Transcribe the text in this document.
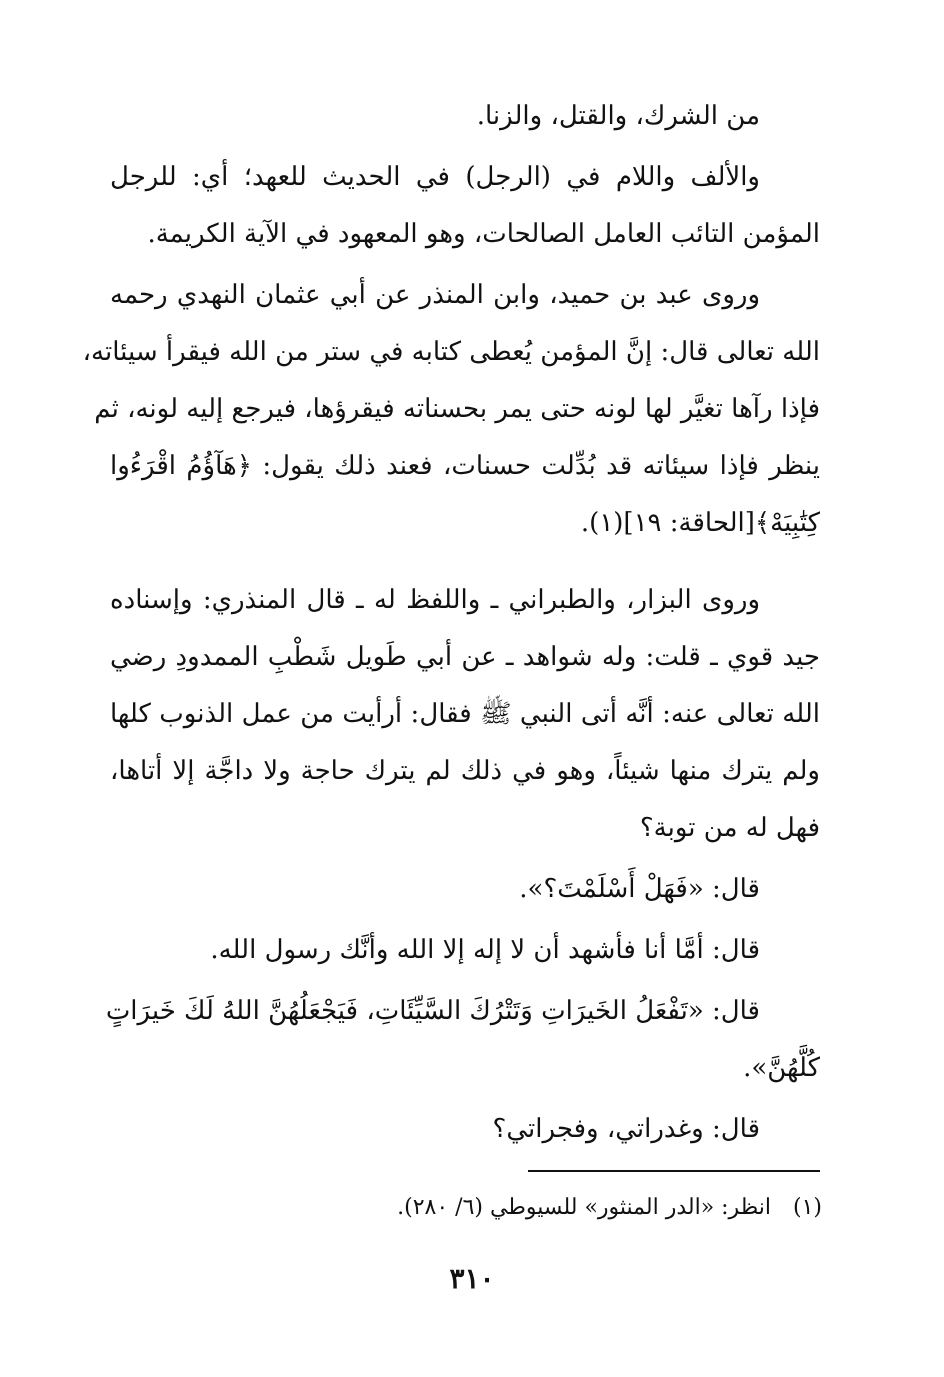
من الشرك، والقتل، والزنا.

والألف واللام في (الرجل) في الحديث للعهد؛ أي: للرجل
المؤمن التائب العامل الصالحات، وهو المعهود في الآية الكريمة.

وروى عبد بن حميد، وابن المنذر عن أبي عثمان النهدي رحمه
الله تعالى قال: إنَّ المؤمن يُعطى كتابه في ستر من الله فيقرأ سيئاته،
فإذا رآها تغيَّر لها لونه حتى يمر بحسناته فيقرؤها، فيرجع إليه لونه، ثم
ينظر فإذا سيئاته قد بُدِّلت حسنات، فعند ذلك يقول: ﴿هَآؤُمُ اقْرَءُوا
كِتَٰبِيَهْ﴾[الحاقة: ١٩](١).

وروى البزار، والطبراني ـ واللفظ له ـ قال المنذري: وإسناده
جيد قوي ـ قلت: وله شواهد ـ عن أبي طَويل شَطْبِ الممدودِ رضي
الله تعالى عنه: أنَّه أتى النبي ﷺ فقال: أرأيت من عمل الذنوب كلها
ولم يترك منها شيئاً، وهو في ذلك لم يترك حاجة ولا داجَّة إلا أتاها،
فهل له من توبة؟

قال: «فَهَلْ أَسْلَمْتَ؟».

قال: أمَّا أنا فأشهد أن لا إله إلا الله وأنَّك رسول الله.

قال: «تَفْعَلُ الخَيرَاتِ وَتَتْرُكَ السَّيِّئَاتِ، فَيَجْعَلُهُنَّ اللهُ لَكَ خَيرَاتٍ
كُلَّهُنَّ».

قال: وغدراتي، وفجراتي؟

(١)انظر: «الدر المنثور» للسيوطي (٦/ ٢٨٠).
٣١٠
